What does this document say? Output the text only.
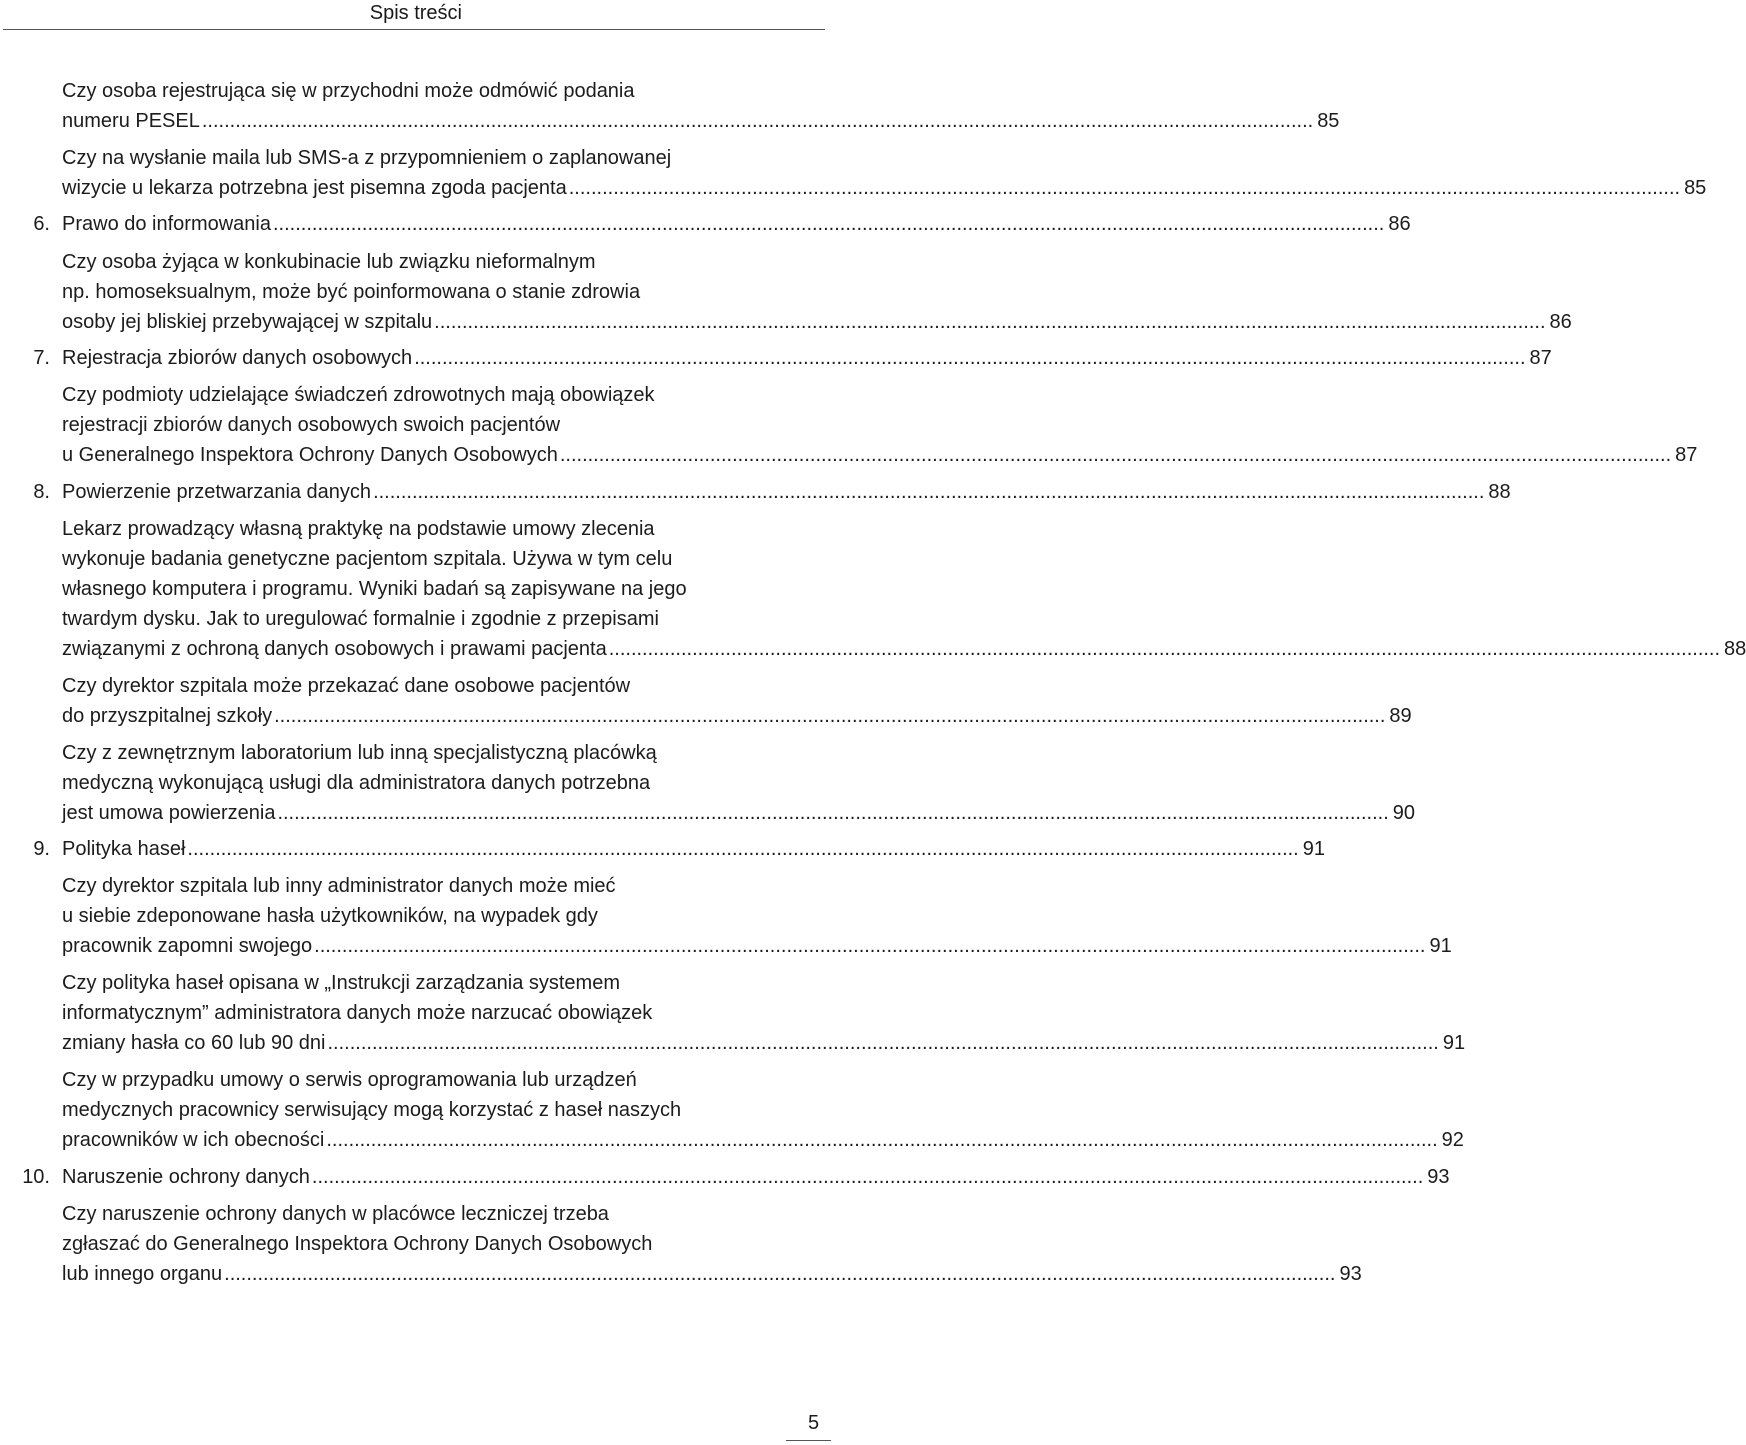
Spis treści
Czy osoba rejestrująca się w przychodni może odmówić podania
numeru PESEL ........................................................................................................................................................................................................ 85
Czy na wysłanie maila lub SMS-a z przypomnieniem o zaplanowanej
wizycie u lekarza potrzebna jest pisemna zgoda pacjenta ........................................................................................................................................................................................................ 85
6. Prawo do informowania ........................................................................................................................................................................................................ 86
Czy osoba żyjąca w konkubinacie lub związku nieformalnym
np. homoseksualnym, może być poinformowana o stanie zdrowia
osoby jej bliskiej przebywającej w szpitalu ........................................................................................................................................................................................................ 86
7. Rejestracja zbiorów danych osobowych ........................................................................................................................................................................................................ 87
Czy podmioty udzielające świadczeń zdrowotnych mają obowiązek
rejestracji zbiorów danych osobowych swoich pacjentów
u Generalnego Inspektora Ochrony Danych Osobowych ........................................................................................................................................................................................................ 87
8. Powierzenie przetwarzania danych ........................................................................................................................................................................................................ 88
Lekarz prowadzący własną praktykę na podstawie umowy zlecenia
wykonuje badania genetyczne pacjentom szpitala. Używa w tym celu
własnego komputera i programu. Wyniki badań są zapisywane na jego
twardym dysku. Jak to uregulować formalnie i zgodnie z przepisami
związanymi z ochroną danych osobowych i prawami pacjenta ........................................................................................................................................................................................................ 88
Czy dyrektor szpitala może przekazać dane osobowe pacjentów
do przyszpitalnej szkoły ........................................................................................................................................................................................................ 89
Czy z zewnętrznym laboratorium lub inną specjalistyczną placówką
medyczną wykonującą usługi dla administratora danych potrzebna
jest umowa powierzenia ........................................................................................................................................................................................................ 90
9. Polityka haseł ........................................................................................................................................................................................................ 91
Czy dyrektor szpitala lub inny administrator danych może mieć
u siebie zdeponowane hasła użytkowników, na wypadek gdy
pracownik zapomni swojego ........................................................................................................................................................................................................ 91
Czy polityka haseł opisana w „Instrukcji zarządzania systemem
informatycznym” administratora danych może narzucać obowiązek
zmiany hasła co 60 lub 90 dni ........................................................................................................................................................................................................ 91
Czy w przypadku umowy o serwis oprogramowania lub urządzeń
medycznych pracownicy serwisujący mogą korzystać z haseł naszych
pracowników w ich obecności ........................................................................................................................................................................................................ 92
10. Naruszenie ochrony danych ........................................................................................................................................................................................................ 93
Czy naruszenie ochrony danych w placówce leczniczej trzeba
zgłaszać do Generalnego Inspektora Ochrony Danych Osobowych
lub innego organu ........................................................................................................................................................................................................ 93
5
